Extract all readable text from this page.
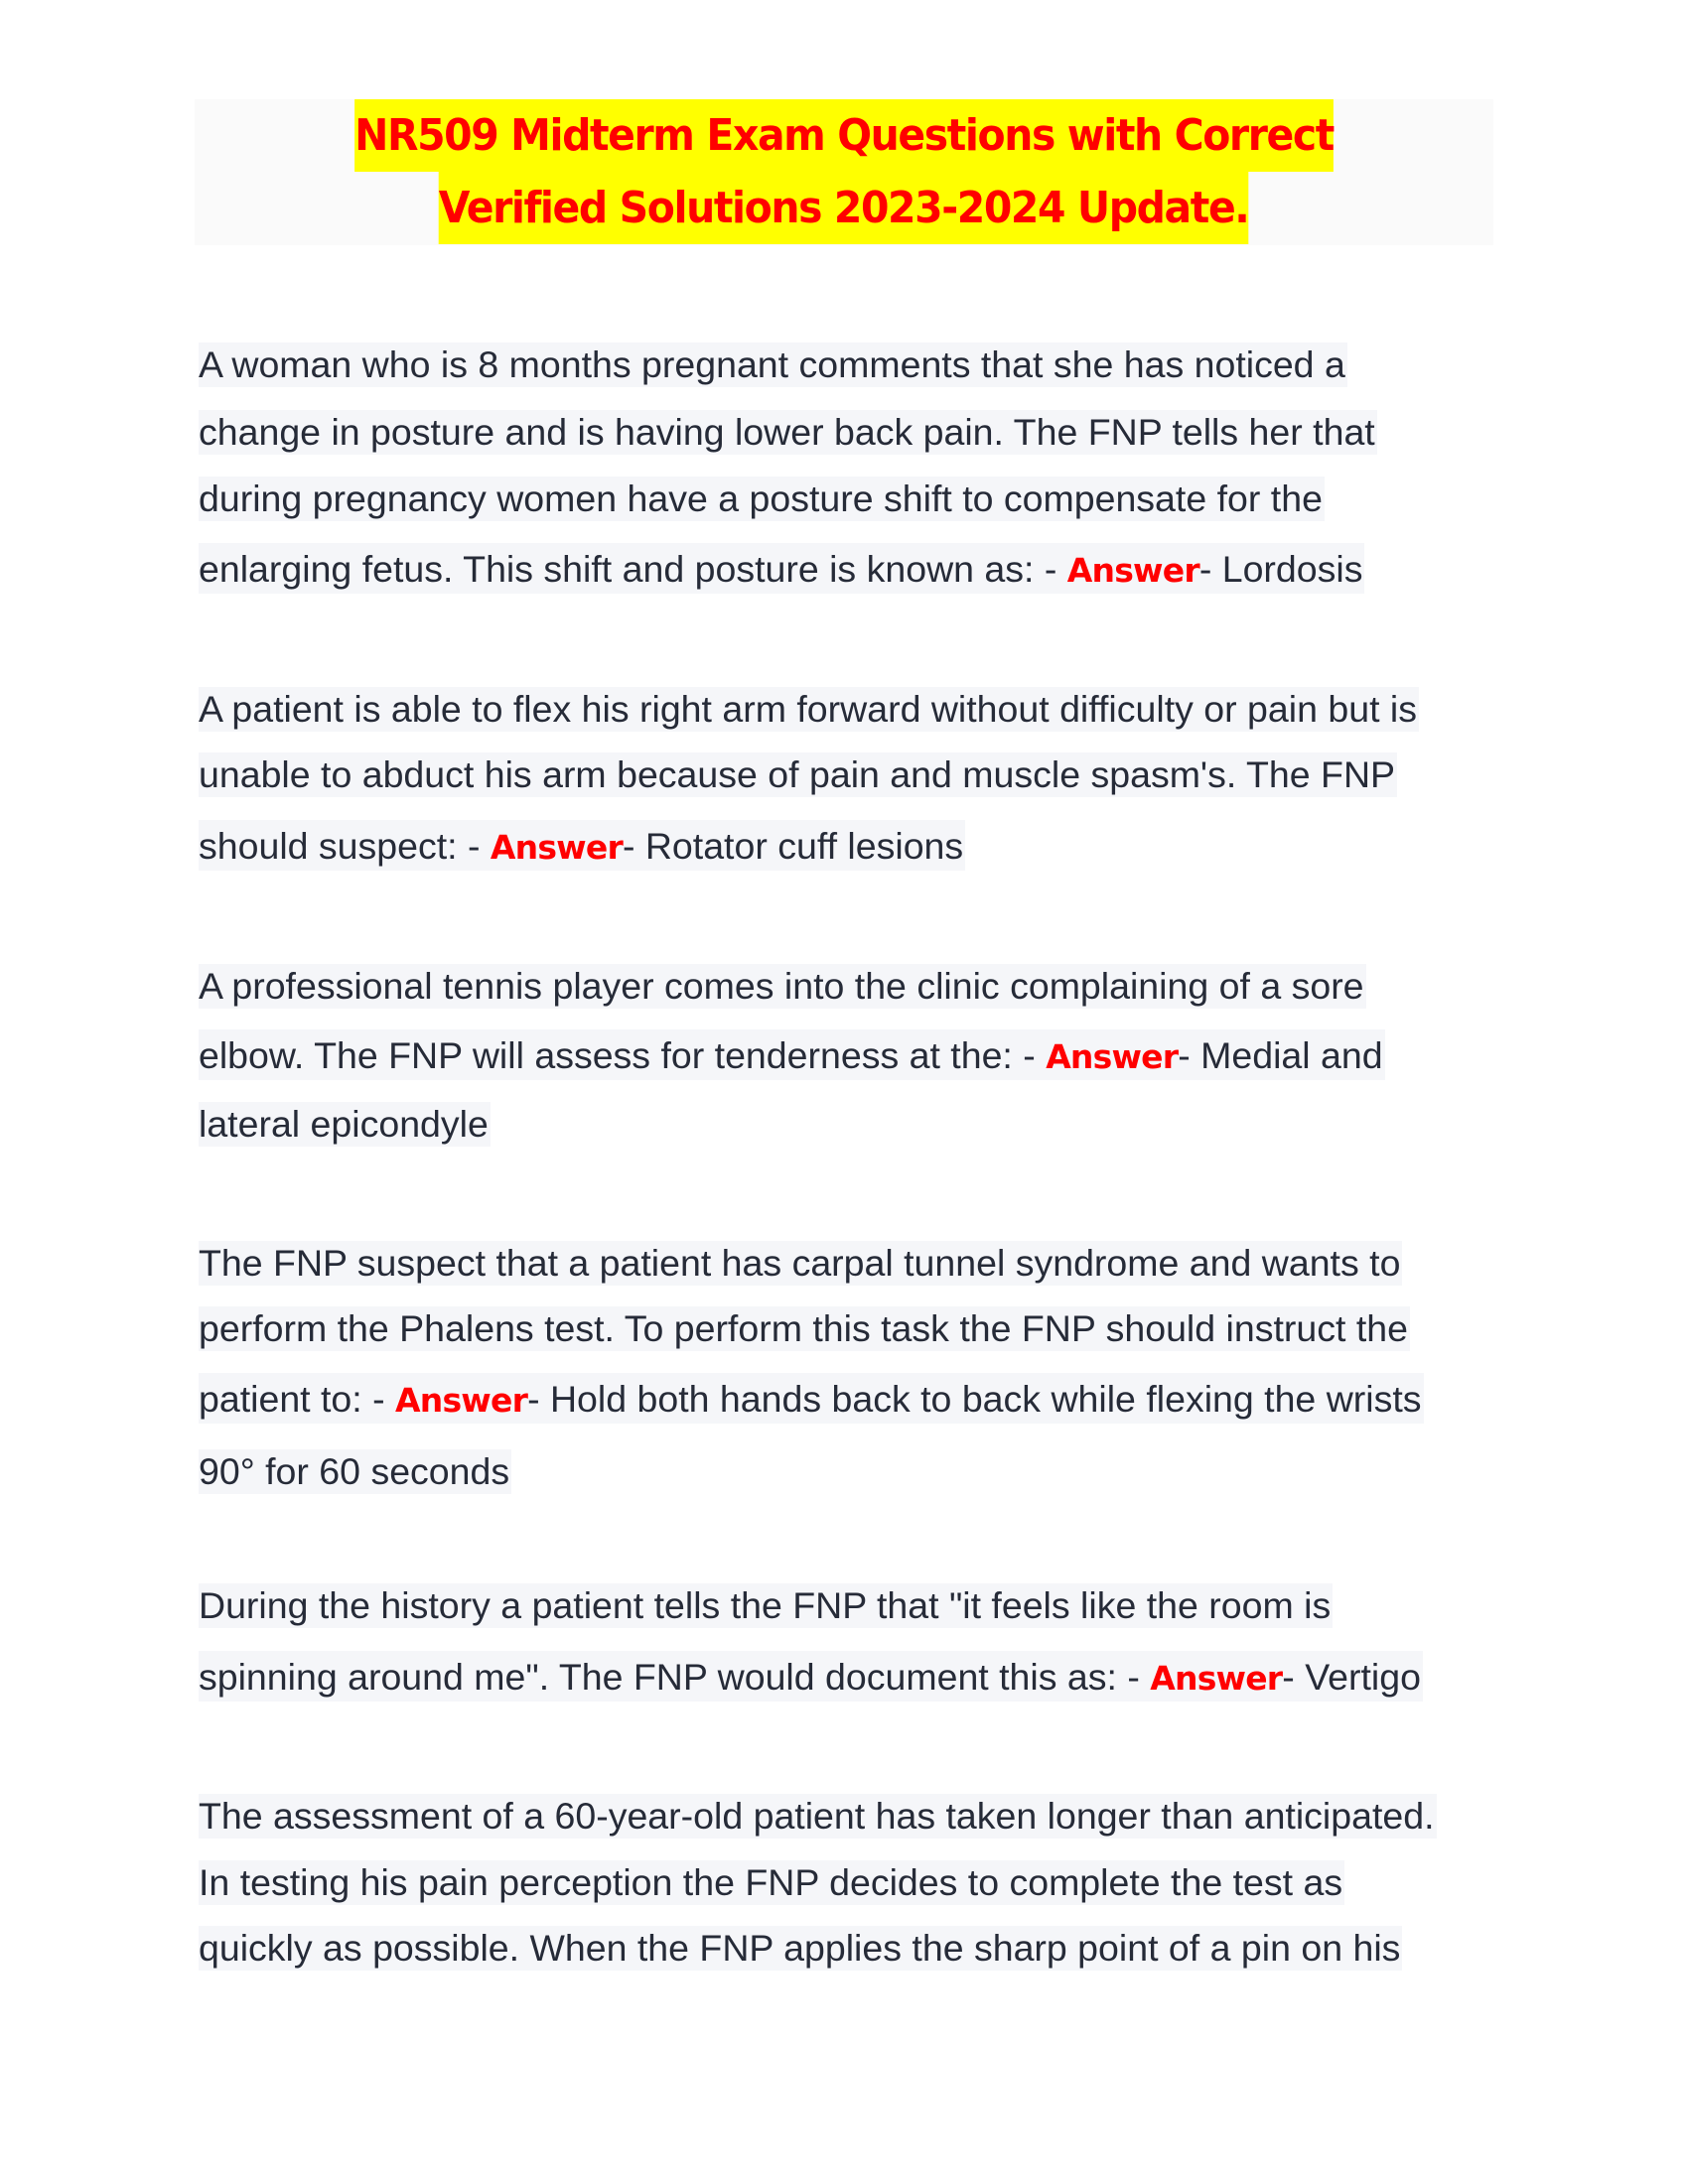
NR509 Midterm Exam Questions with Correct
Verified Solutions 2023-2024 Update.
A woman who is 8 months pregnant comments that she has noticed a
change in posture and is having lower back pain. The FNP tells her that
during pregnancy women have a posture shift to compensate for the
enlarging fetus. This shift and posture is known as: - Answer- Lordosis
A patient is able to flex his right arm forward without difficulty or pain but is
unable to abduct his arm because of pain and muscle spasm's. The FNP
should suspect: - Answer- Rotator cuff lesions
A professional tennis player comes into the clinic complaining of a sore
elbow. The FNP will assess for tenderness at the: - Answer- Medial and
lateral epicondyle
The FNP suspect that a patient has carpal tunnel syndrome and wants to
perform the Phalens test. To perform this task the FNP should instruct the
patient to: - Answer- Hold both hands back to back while flexing the wrists
90° for 60 seconds
During the history a patient tells the FNP that "it feels like the room is
spinning around me". The FNP would document this as: - Answer- Vertigo
The assessment of a 60-year-old patient has taken longer than anticipated.
In testing his pain perception the FNP decides to complete the test as
quickly as possible. When the FNP applies the sharp point of a pin on his
